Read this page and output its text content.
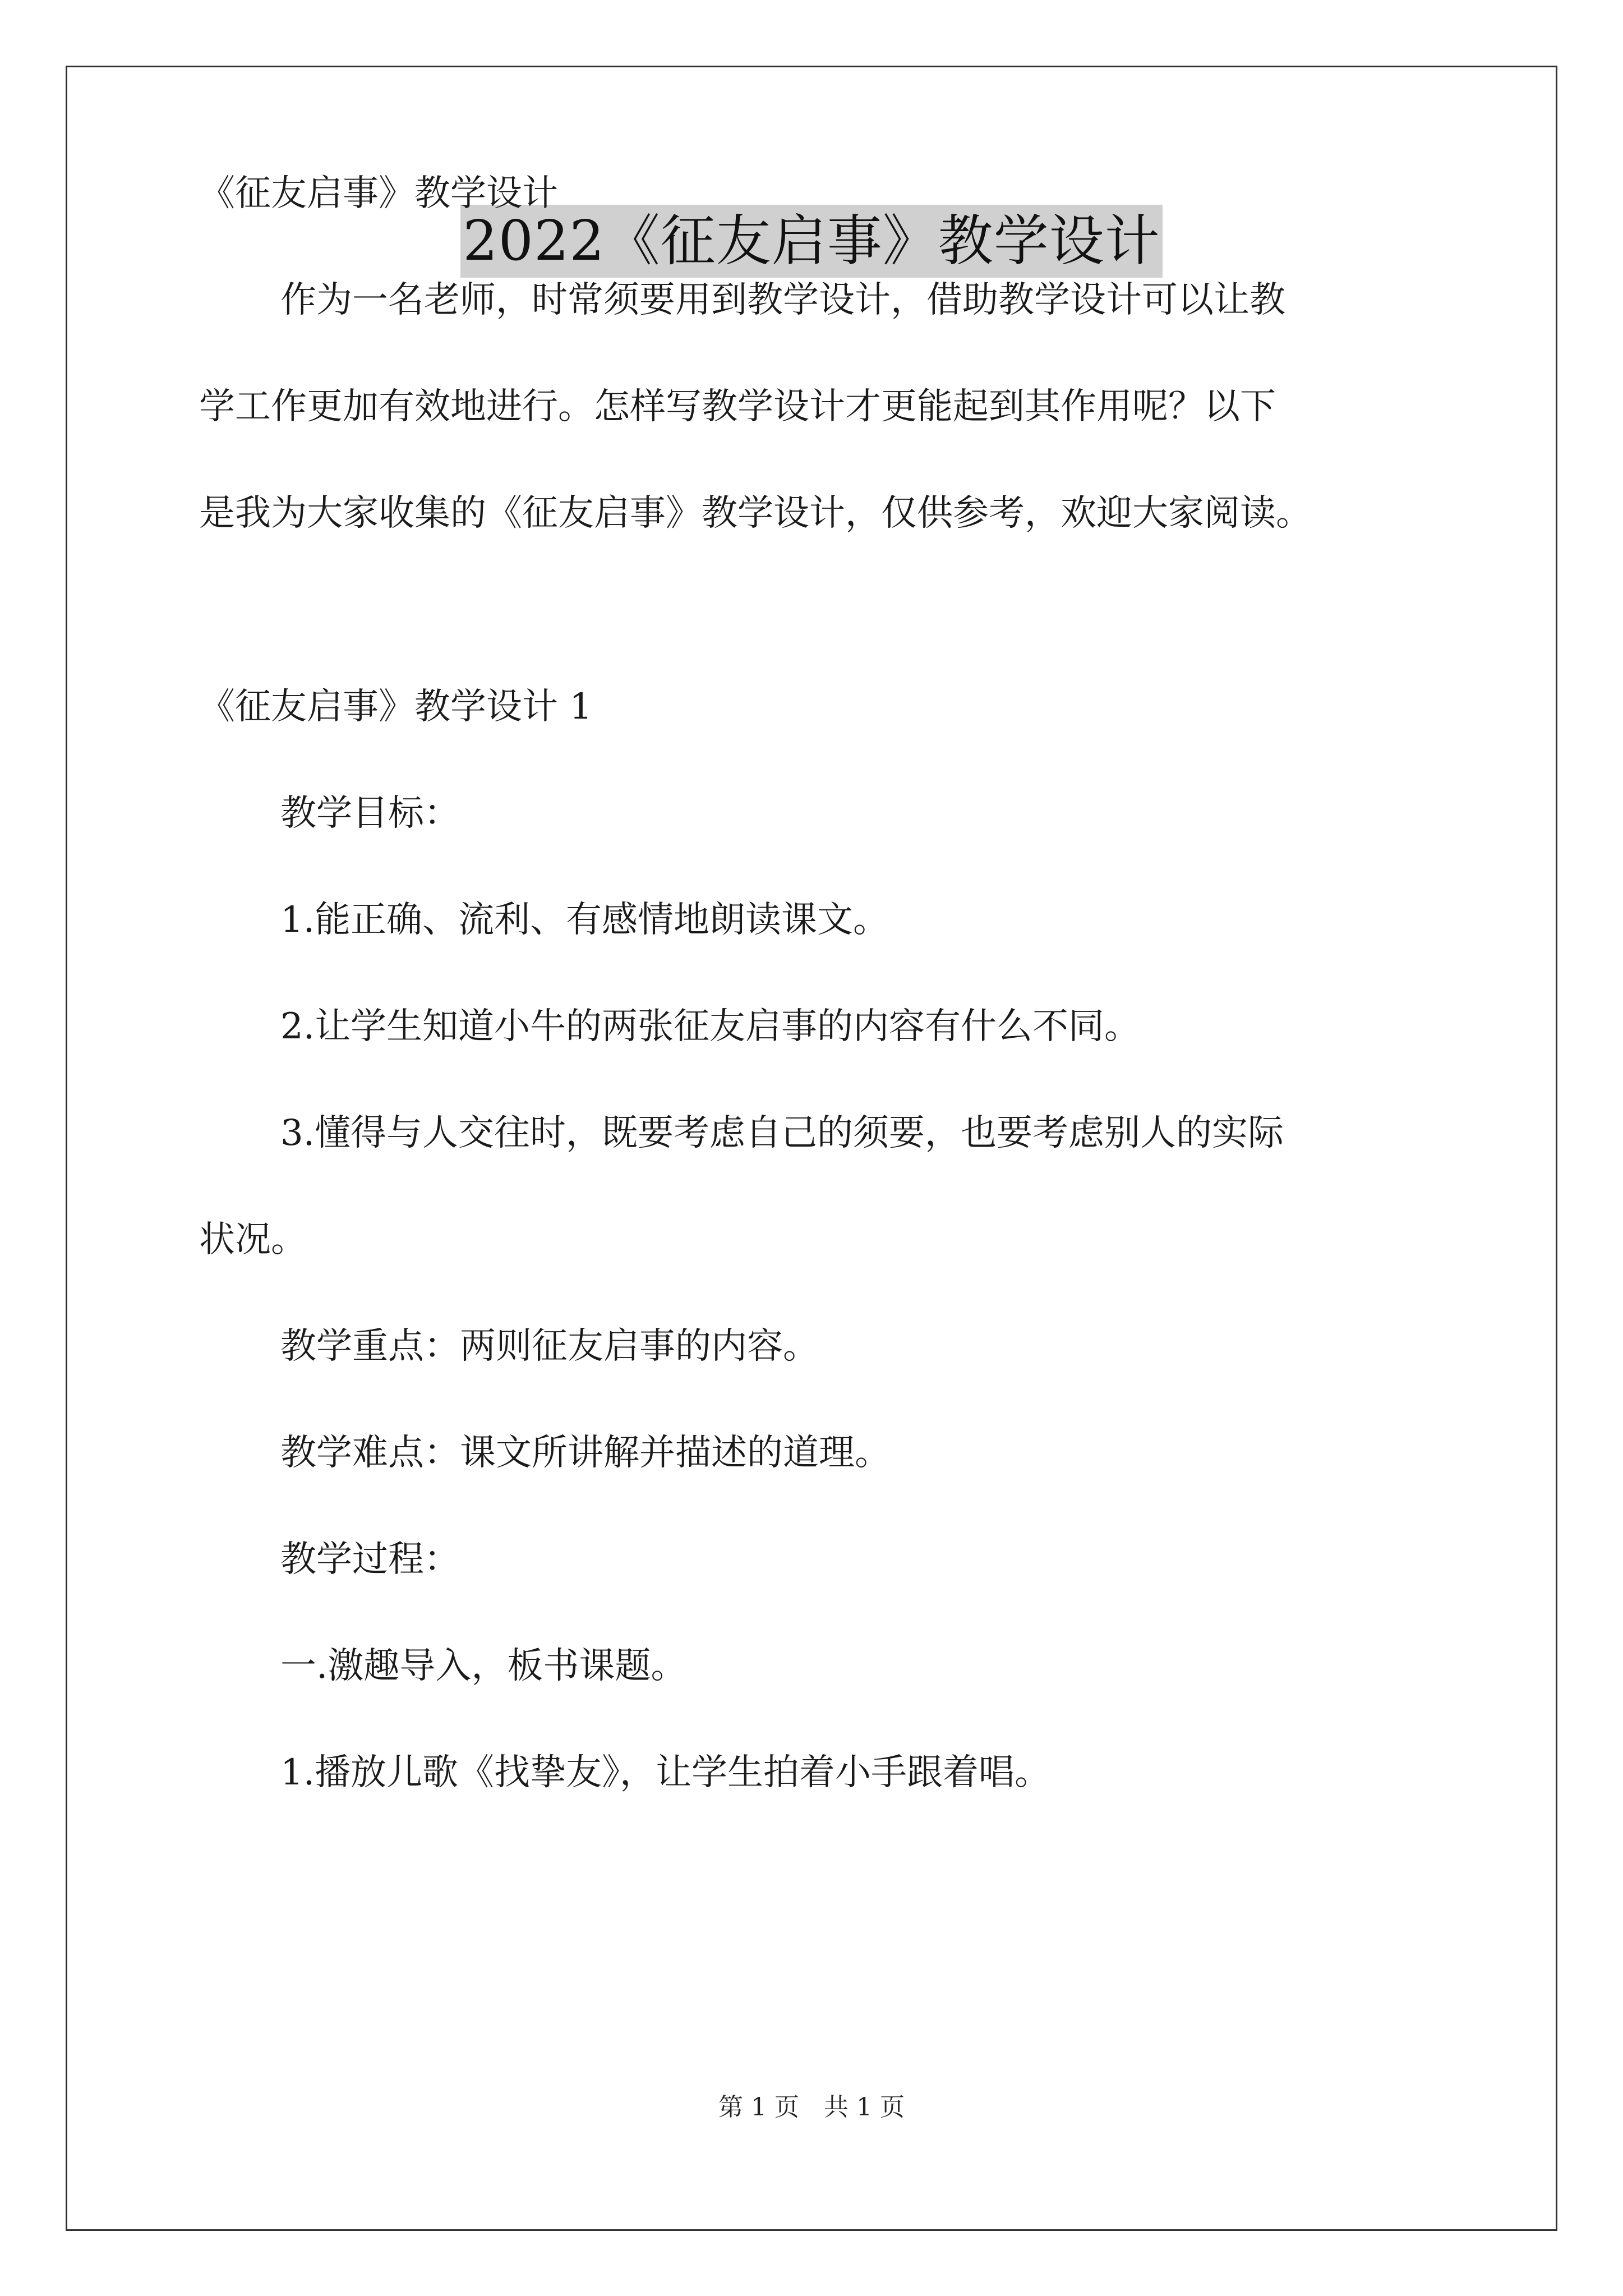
2022《征友启事》教学设计
《征友启事》教学设计
作为一名老师，时常须要用到教学设计，借助教学设计可以让教
学工作更加有效地进行。怎样写教学设计才更能起到其作用呢？以下
是我为大家收集的《征友启事》教学设计，仅供参考，欢迎大家阅读。
《征友启事》教学设计 1
教学目标：
1.能正确、流利、有感情地朗读课文。
2.让学生知道小牛的两张征友启事的内容有什么不同。
3.懂得与人交往时，既要考虑自己的须要，也要考虑别人的实际
状况。
教学重点：两则征友启事的内容。
教学难点：课文所讲解并描述的道理。
教学过程：
一.激趣导入，板书课题。
1.播放儿歌《找挚友》，让学生拍着小手跟着唱。
第 1 页　共 1 页
